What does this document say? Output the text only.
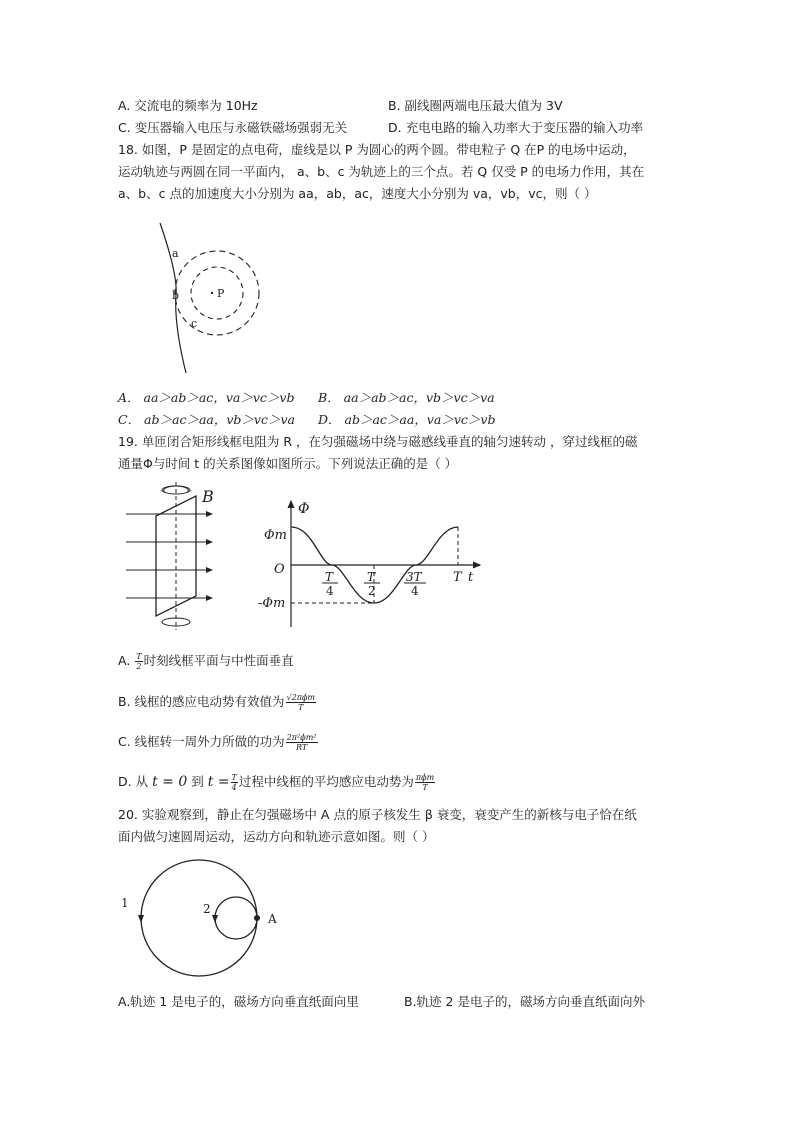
A. 交流电的频率为 10Hz	B. 副线圈两端电压最大值为 3V
C. 变压器输入电压与永磁铁磁场强弱无关	D. 充电电路的输入功率大于变压器的输入功率
18. 如图，P 是固定的点电荷，虚线是以 P 为圆心的两个圆。带电粒子 Q 在P 的电场中运动，
运动轨迹与两圆在同一平面内， a、b、c 为轨迹上的三个点。若 Q 仅受 P 的电场力作用，其在
a、b、c 点的加速度大小分别为 aa，ab，ac，速度大小分别为 va，vb，vc，则（ ）
P
a
b
c
A． aa＞ab＞ac，va＞vc＞vb B． aa＞ab＞ac，vb＞vc＞va
C． ab＞ac＞aa，vb＞vc＞va D． ab＞ac＞aa，va＞vc＞vb
19. 单匝闭合矩形线框电阻为 R ，在匀强磁场中绕与磁感线垂直的轴匀速转动 ，穿过线框的磁
通量Φ与时间 t 的关系图像如图所示。下列说法正确的是（ ）
B
Φ
Φm
O
-Φm
T
4
T
2
3T
4
T t
A. $\frac{T}{2}$ 时刻线框平面与中性面垂直
B. 线框的感应电动势有效值为 $\frac{\text{√2πϕm}}{T}$
C. 线框转一周外力所做的功为 $\frac{\text{2π²ϕm²}}{RT}$
D. 从 t = 0 到 $t = \frac{T}{4}$ 过程中线框的平均感应电动势为 $\frac{\text{πϕm}}{T}$
20. 实验观察到，静止在匀强磁场中 A 点的原子核发生 β 衰变，衰变产生的新核与电子恰在纸
面内做匀速圆周运动，运动方向和轨迹示意如图。则（ ）
1	2
A
A.轨迹 1 是电子的，磁场方向垂直纸面向里	B.轨迹 2 是电子的，磁场方向垂直纸面向外
